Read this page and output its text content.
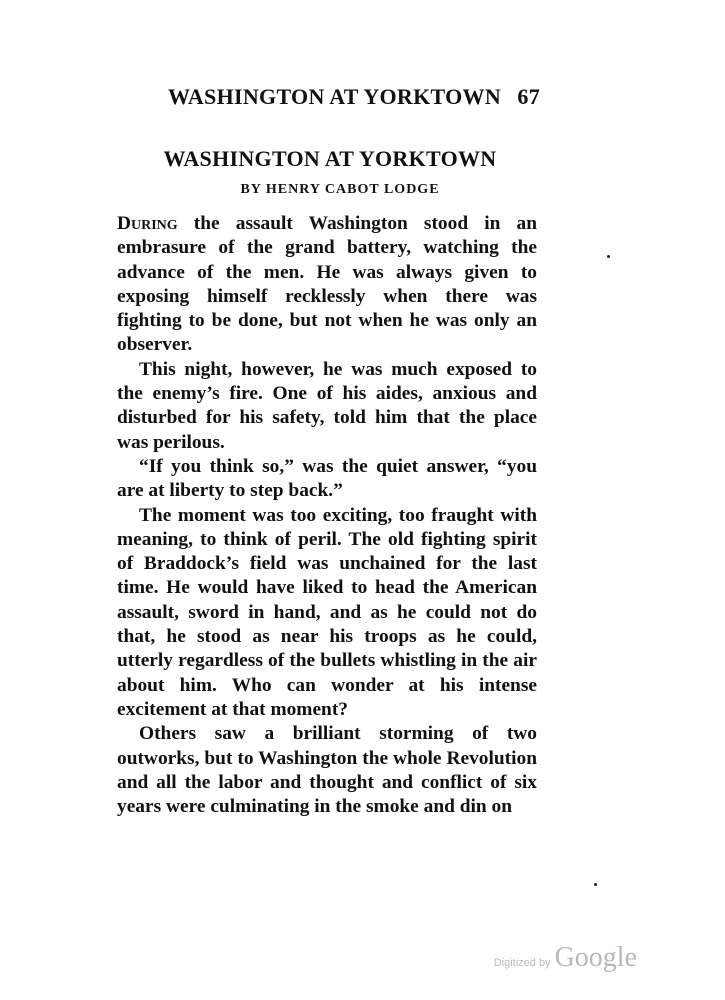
WASHINGTON AT YORKTOWN 67
WASHINGTON AT YORKTOWN
BY HENRY CABOT LODGE

During the assault Washington stood in an embrasure of the grand battery, watching the advance of the men. He was always given to exposing himself recklessly when there was fighting to be done, but not when he was only an observer.

This night, however, he was much exposed to the enemy’s fire. One of his aides, anxious and disturbed for his safety, told him that the place was perilous.

“If you think so,” was the quiet answer, “you are at liberty to step back.”

The moment was too exciting, too fraught with meaning, to think of peril. The old fighting spirit of Braddock’s field was unchained for the last time. He would have liked to head the American assault, sword in hand, and as he could not do that, he stood as near his troops as he could, utterly regardless of the bullets whistling in the air about him. Who can wonder at his intense excitement at that moment?

Others saw a brilliant storming of two outworks, but to Washington the whole Revolution and all the labor and thought and conflict of six years were culminating in the smoke and din on

Digitized by Google
